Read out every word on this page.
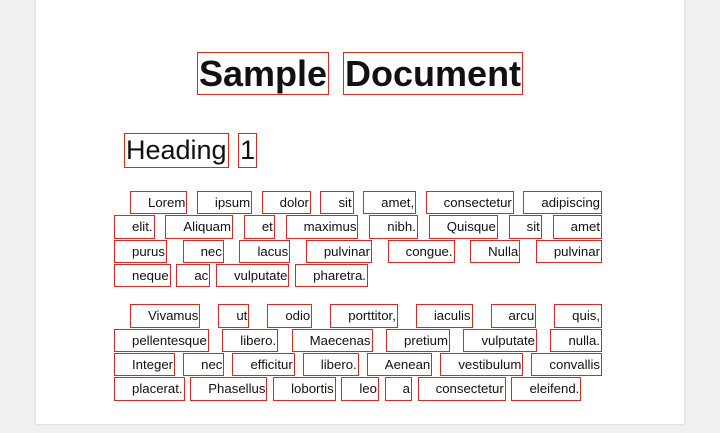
Sample Document
Heading 1

Lorem ipsum dolor sit amet, consectetur adipiscing elit. Aliquam et maximus nibh. Quisque sit amet purus	nec	lacus	pulvinar	congue.	Nulla	pulvinar neque ac vulputate pharetra.

Vivamus	ut	odio	porttitor,	iaculis	arcu	quis, pellentesque	libero.	Maecenas	pretium	vulputate	nulla. Integer nec efficitur libero. Aenean vestibulum convallis placerat. Phasellus lobortis leo a consectetur eleifend.
